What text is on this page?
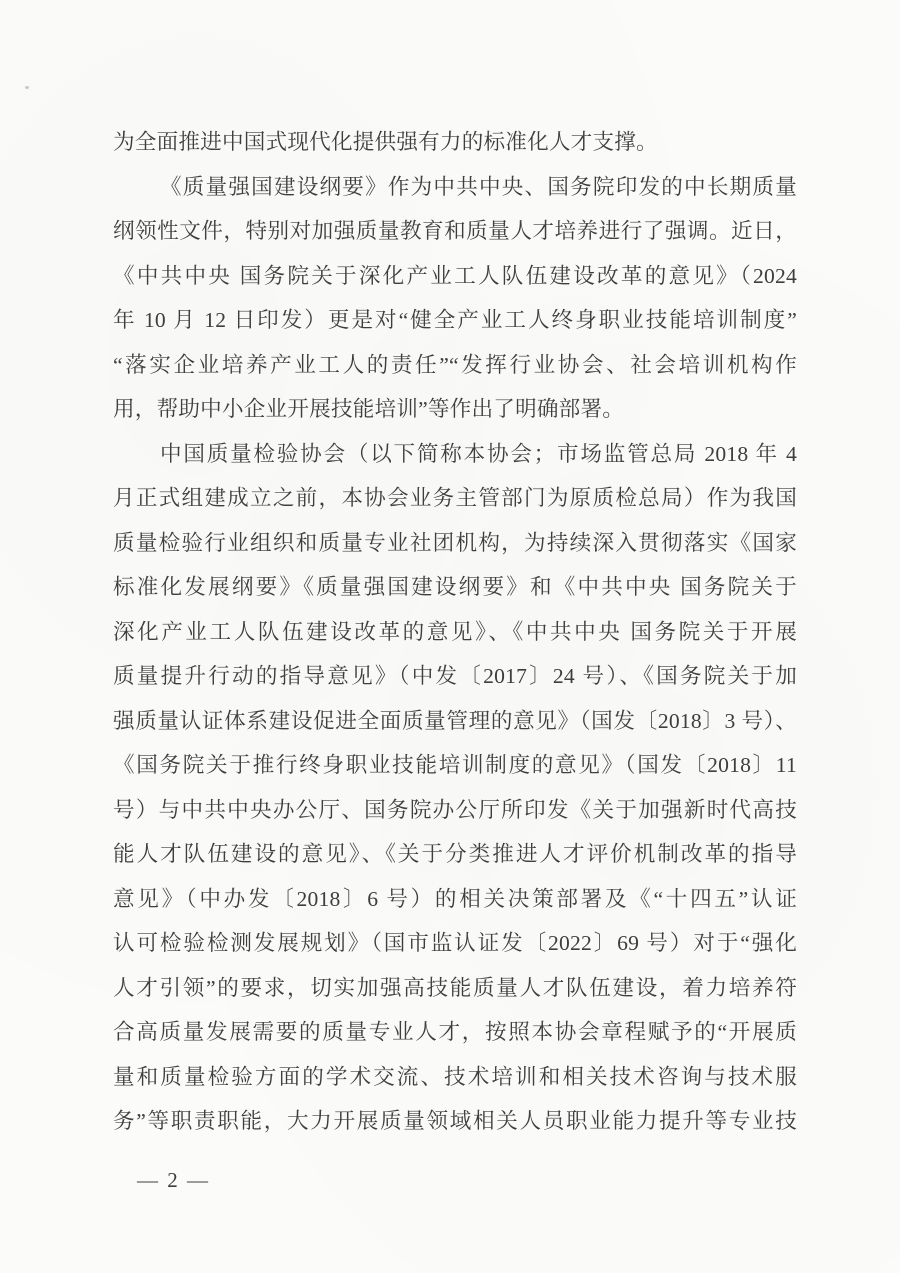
为全面推进中国式现代化提供强有力的标准化人才支撑。
《质量强国建设纲要》作为中共中央、国务院印发的中长期质量
纲领性文件，特别对加强质量教育和质量人才培养进行了强调。近日，
《中共中央 国务院关于深化产业工人队伍建设改革的意见》（2024
年 10 月 12 日印发）更是对“健全产业工人终身职业技能培训制度”
“落实企业培养产业工人的责任”“发挥行业协会、社会培训机构作
用，帮助中小企业开展技能培训”等作出了明确部署。
中国质量检验协会（以下简称本协会；市场监管总局 2018 年 4
月正式组建成立之前，本协会业务主管部门为原质检总局）作为我国
质量检验行业组织和质量专业社团机构，为持续深入贯彻落实《国家
标准化发展纲要》《质量强国建设纲要》和《中共中央 国务院关于
深化产业工人队伍建设改革的意见》、《中共中央 国务院关于开展
质量提升行动的指导意见》（中发〔2017〕24 号）、《国务院关于加
强质量认证体系建设促进全面质量管理的意见》（国发〔2018〕3 号）、
《国务院关于推行终身职业技能培训制度的意见》（国发〔2018〕11
号）与中共中央办公厅、国务院办公厅所印发《关于加强新时代高技
能人才队伍建设的意见》、《关于分类推进人才评价机制改革的指导
意见》（中办发〔2018〕6 号）的相关决策部署及《“十四五”认证
认可检验检测发展规划》（国市监认证发〔2022〕69 号）对于“强化
人才引领”的要求，切实加强高技能质量人才队伍建设，着力培养符
合高质量发展需要的质量专业人才，按照本协会章程赋予的“开展质
量和质量检验方面的学术交流、技术培训和相关技术咨询与技术服
务”等职责职能，大力开展质量领域相关人员职业能力提升等专业技
— 2 —
